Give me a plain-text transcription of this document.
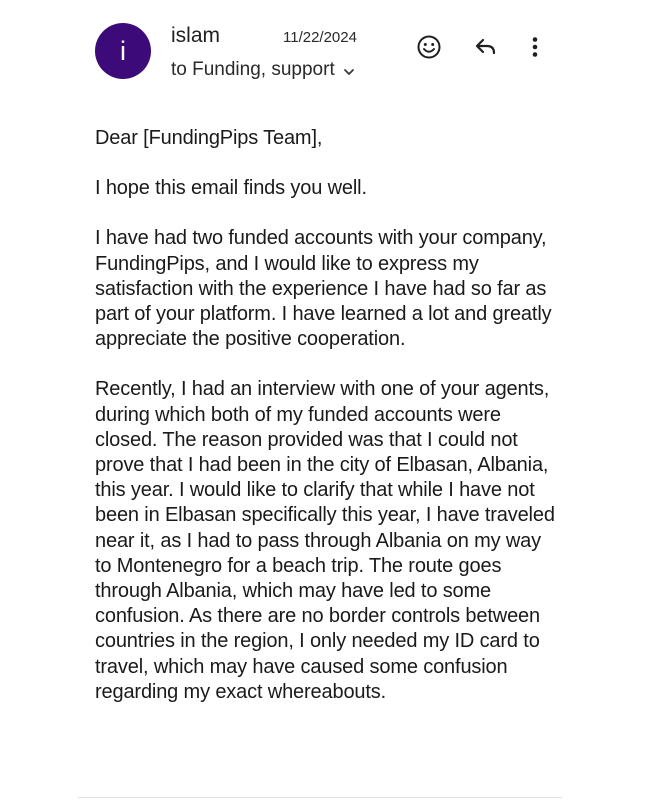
i
islam	11/22/2024
to Funding, support

Dear [FundingPips Team],

I hope this email finds you well.

I have had two funded accounts with your company, FundingPips, and I would like to express my satisfaction with the experience I have had so far as part of your platform. I have learned a lot and greatly appreciate the positive cooperation.

Recently, I had an interview with one of your agents, during which both of my funded accounts were closed. The reason provided was that I could not prove that I had been in the city of Elbasan, Albania, this year. I would like to clarify that while I have not been in Elbasan specifically this year, I have traveled near it, as I had to pass through Albania on my way to Montenegro for a beach trip. The route goes through Albania, which may have led to some confusion. As there are no border controls between countries in the region, I only needed my ID card to travel, which may have caused some confusion regarding my exact whereabouts.
